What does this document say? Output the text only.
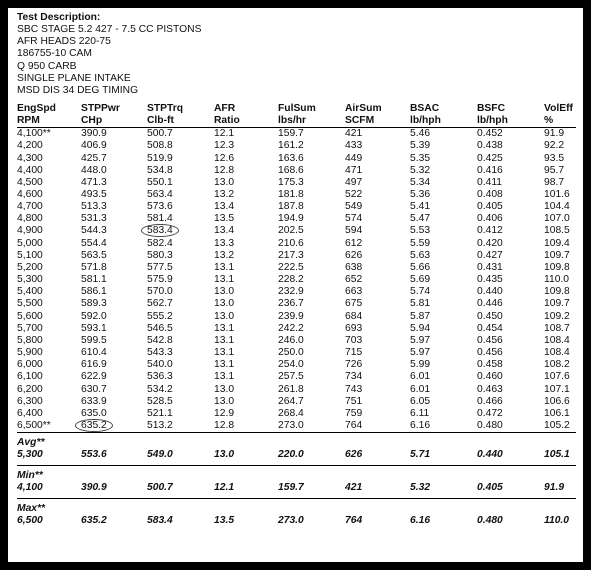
Test Description:
SBC STAGE 5.2 427 - 7.5 CC PISTONS
AFR HEADS 220-75
186755-10 CAM
Q 950 CARB
SINGLE PLANE INTAKE
MSD DIS 34 DEG TIMING
EngSpd	STPPwr	STPTrq	AFR	FulSum	AirSum	BSAC	BSFC	VolEff
RPM	CHp	Clb-ft	Ratio	lbs/hr	SCFM	lb/hph	lb/hph	%
4,100**	390.9	500.7	12.1	159.7	421	5.46	0.452	91.9
4,200	406.9	508.8	12.3	161.2	433	5.39	0.438	92.2
4,300	425.7	519.9	12.6	163.6	449	5.35	0.425	93.5
4,400	448.0	534.8	12.8	168.6	471	5.32	0.416	95.7
4,500	471.3	550.1	13.0	175.3	497	5.34	0.411	98.7
4,600	493.5	563.4	13.2	181.8	522	5.36	0.408	101.6
4,700	513.3	573.6	13.4	187.8	549	5.41	0.405	104.4
4,800	531.3	581.4	13.5	194.9	574	5.47	0.406	107.0
4,900	544.3	583.4	13.4	202.5	594	5.53	0.412	108.5
5,000	554.4	582.4	13.3	210.6	612	5.59	0.420	109.4
5,100	563.5	580.3	13.2	217.3	626	5.63	0.427	109.7
5,200	571.8	577.5	13.1	222.5	638	5.66	0.431	109.8
5,300	581.1	575.9	13.1	228.2	652	5.69	0.435	110.0
5,400	586.1	570.0	13.0	232.9	663	5.74	0.440	109.8
5,500	589.3	562.7	13.0	236.7	675	5.81	0.446	109.7
5,600	592.0	555.2	13.0	239.9	684	5.87	0.450	109.2
5,700	593.1	546.5	13.1	242.2	693	5.94	0.454	108.7
5,800	599.5	542.8	13.1	246.0	703	5.97	0.456	108.4
5,900	610.4	543.3	13.1	250.0	715	5.97	0.456	108.4
6,000	616.9	540.0	13.1	254.0	726	5.99	0.458	108.2
6,100	622.9	536.3	13.1	257.5	734	6.01	0.460	107.6
6,200	630.7	534.2	13.0	261.8	743	6.01	0.463	107.1
6,300	633.9	528.5	13.0	264.7	751	6.05	0.466	106.6
6,400	635.0	521.1	12.9	268.4	759	6.11	0.472	106.1
6,500**	635.2	513.2	12.8	273.0	764	6.16	0.480	105.2
Avg**								
5,300	553.6	549.0	13.0	220.0	626	5.71	0.440	105.1
Min**								
4,100	390.9	500.7	12.1	159.7	421	5.32	0.405	91.9
Max**								
6,500	635.2	583.4	13.5	273.0	764	6.16	0.480	110.0
